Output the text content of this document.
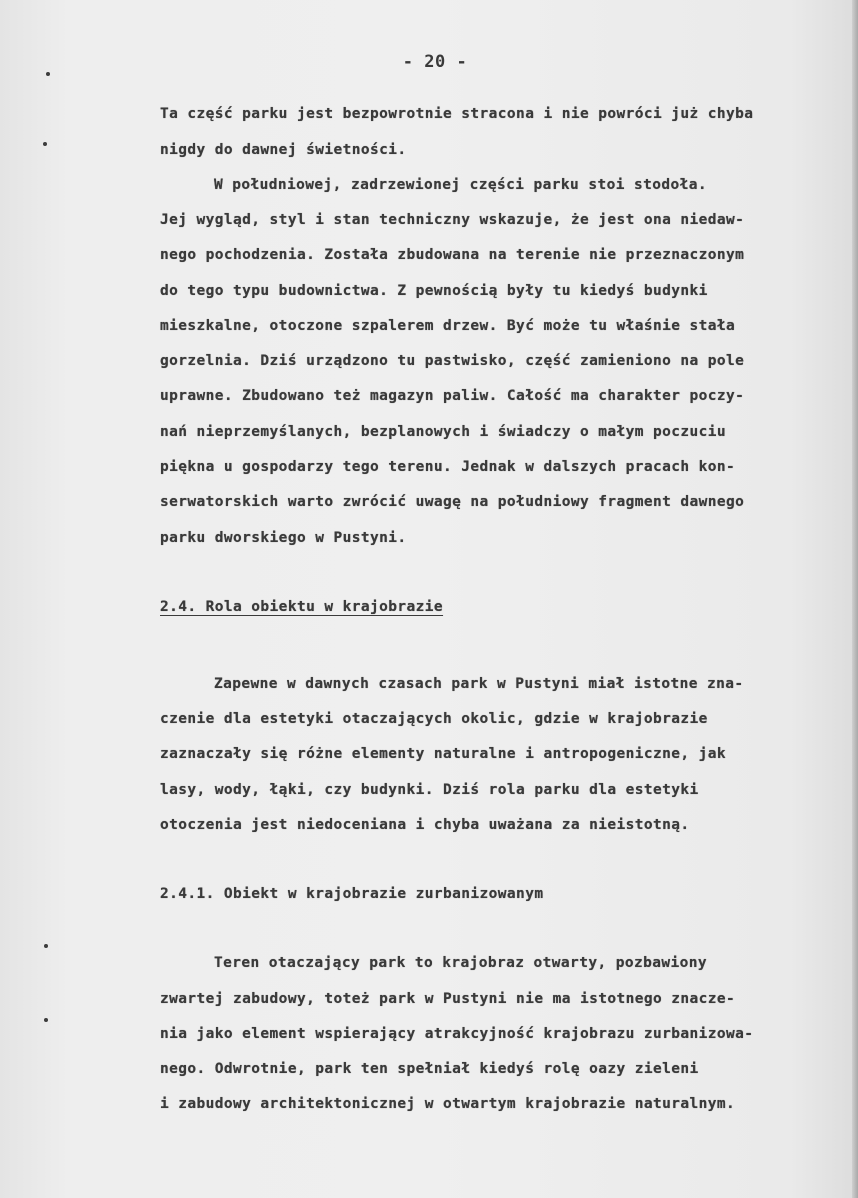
- 20 -
Ta część parku jest bezpowrotnie stracona i nie powróci już chyba
nigdy do dawnej świetności.
W południowej, zadrzewionej części parku stoi stodoła.
Jej wygląd, styl i stan techniczny wskazuje, że jest ona niedaw-
nego pochodzenia. Została zbudowana na terenie nie przeznaczonym
do tego typu budownictwa. Z pewnością były tu kiedyś budynki
mieszkalne, otoczone szpalerem drzew. Być może tu właśnie stała
gorzelnia. Dziś urządzono tu pastwisko, część zamieniono na pole
uprawne. Zbudowano też magazyn paliw. Całość ma charakter poczy-
nań nieprzemyślanych, bezplanowych i świadczy o małym poczuciu
piękna u gospodarzy tego terenu. Jednak w dalszych pracach kon-
serwatorskich warto zwrócić uwagę na południowy fragment dawnego
parku dworskiego w Pustyni.
2.4. Rola obiektu w krajobrazie
Zapewne w dawnych czasach park w Pustyni miał istotne zna-
czenie dla estetyki otaczających okolic, gdzie w krajobrazie
zaznaczały się różne elementy naturalne i antropogeniczne, jak
lasy, wody, łąki, czy budynki. Dziś rola parku dla estetyki
otoczenia jest niedoceniana i chyba uważana za nieistotną.
2.4.1. Obiekt w krajobrazie zurbanizowanym
Teren otaczający park to krajobraz otwarty, pozbawiony
zwartej zabudowy, toteż park w Pustyni nie ma istotnego znacze-
nia jako element wspierający atrakcyjność krajobrazu zurbanizowa-
nego. Odwrotnie, park ten spełniał kiedyś rolę oazy zieleni
i zabudowy architektonicznej w otwartym krajobrazie naturalnym.
